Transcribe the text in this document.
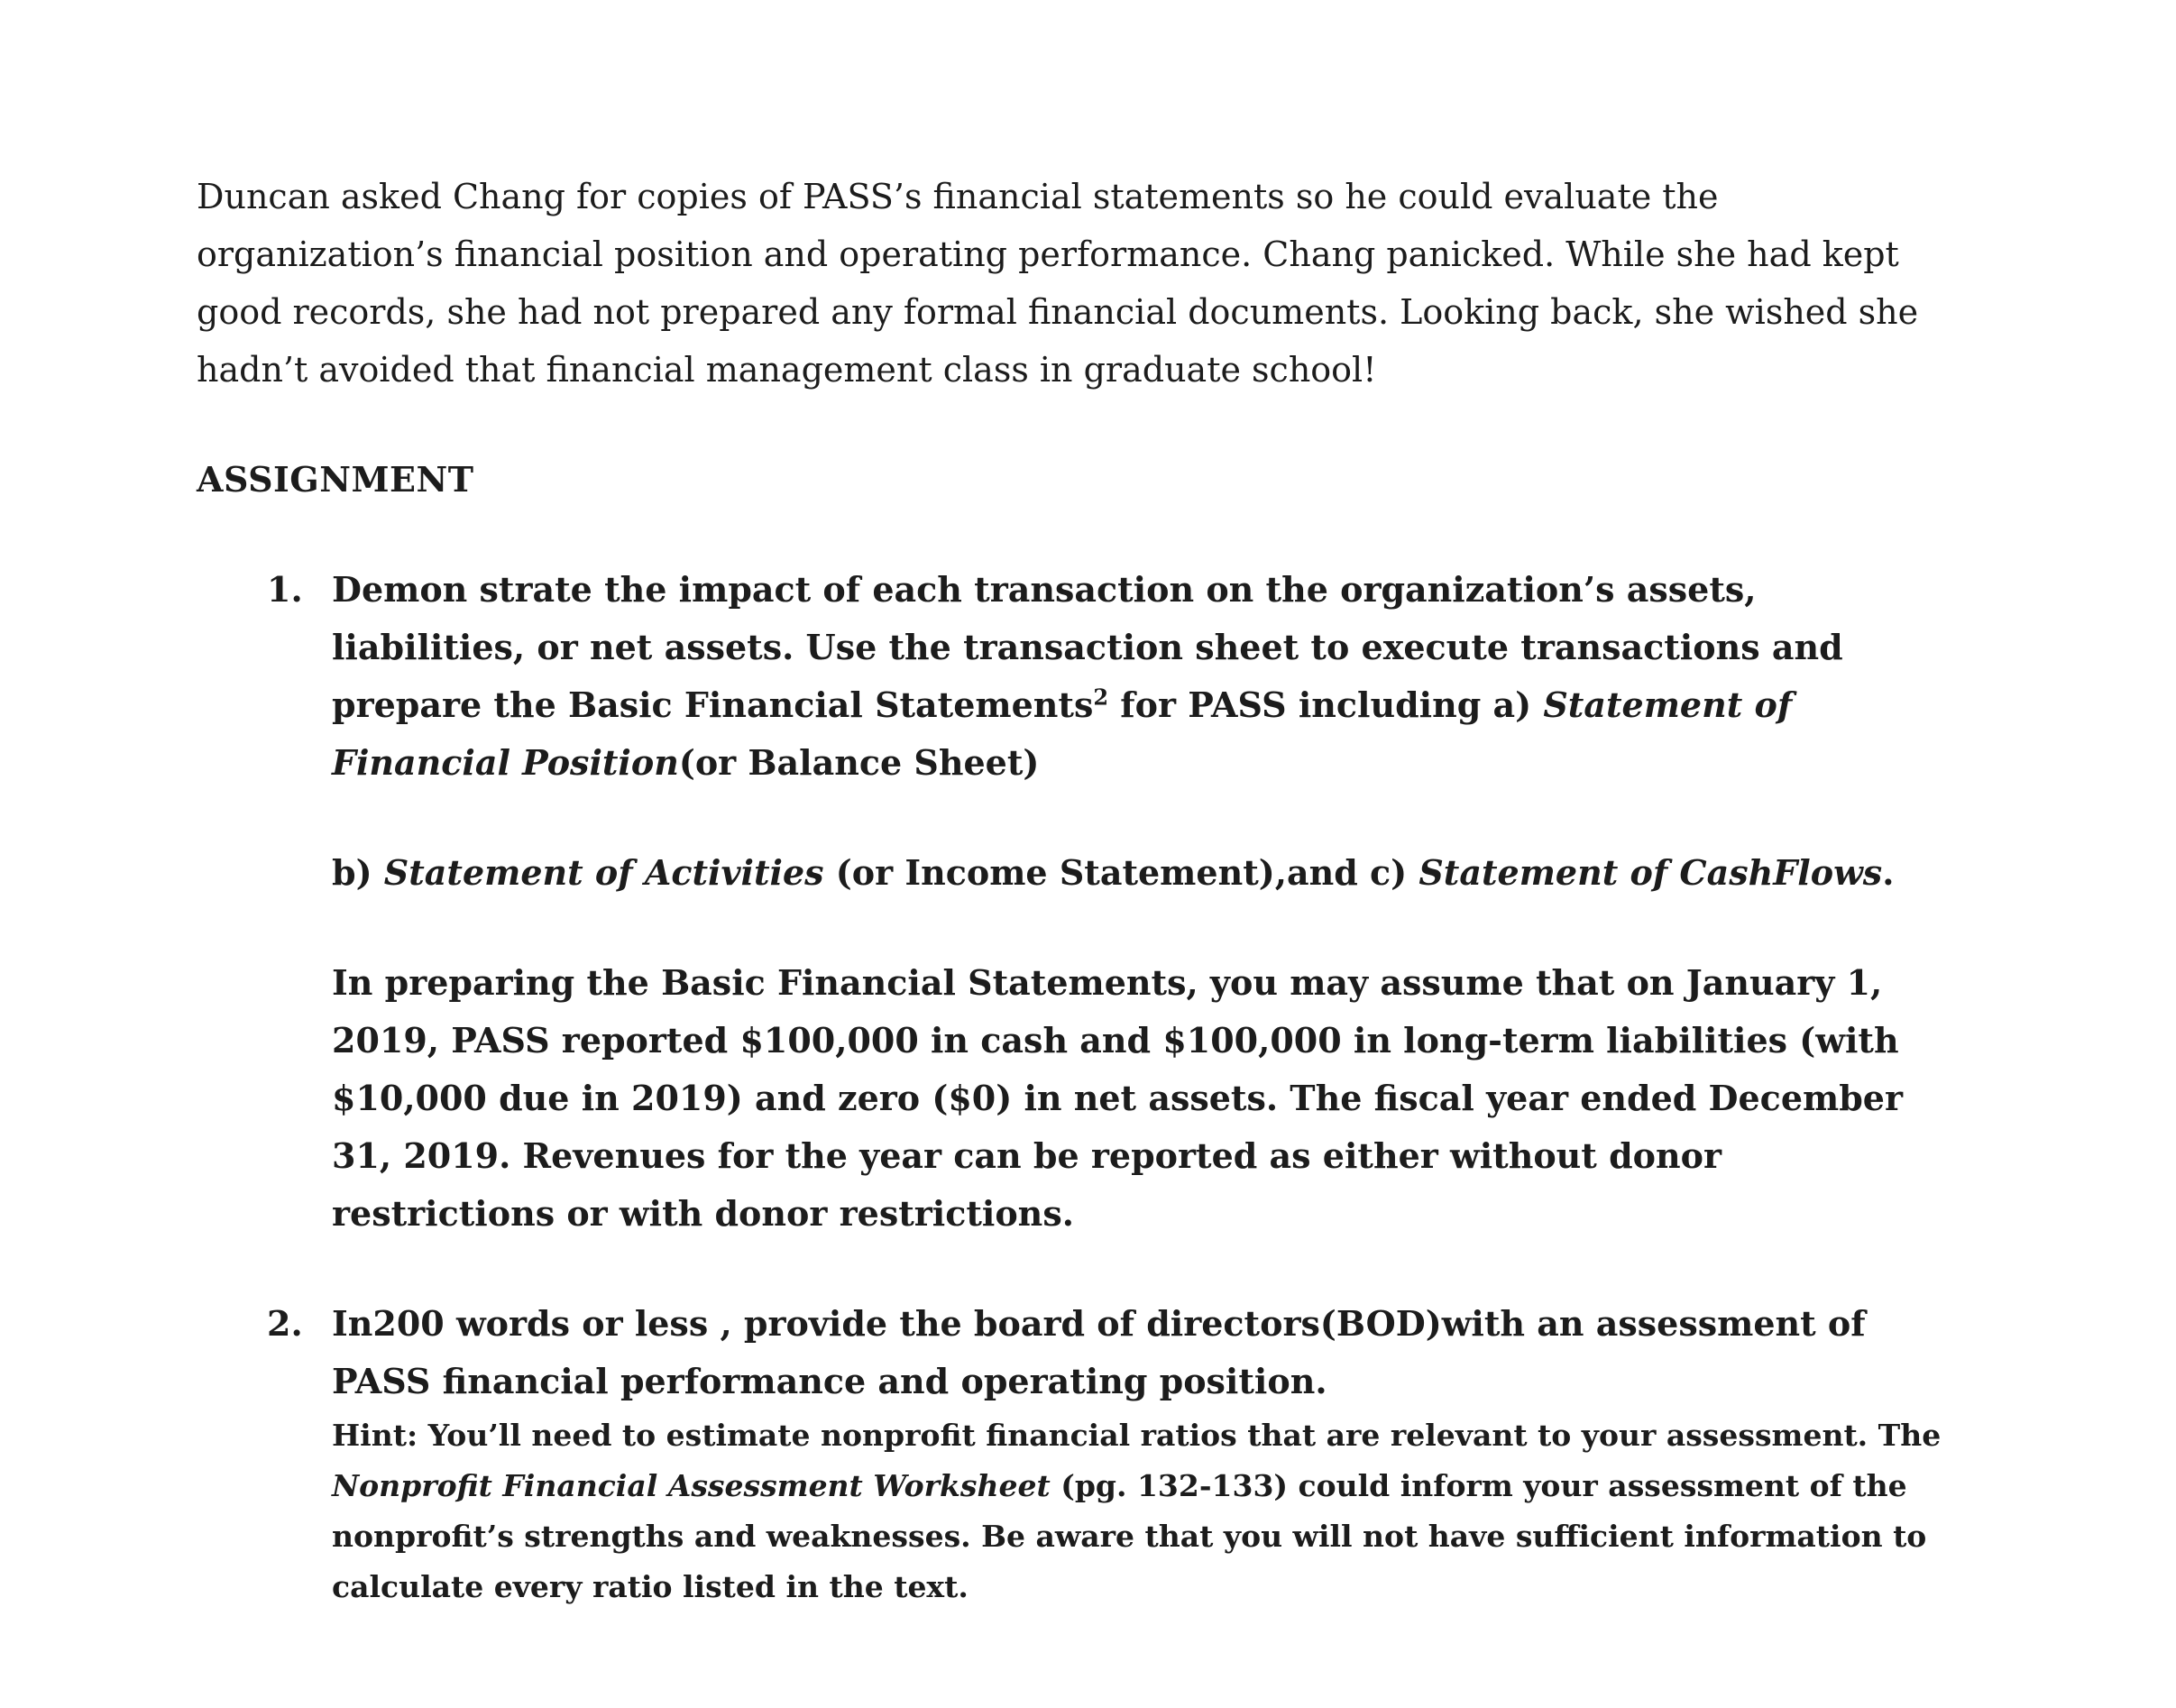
Duncan asked Chang for copies of PASS’s financial statements so he could evaluate the organization’s financial position and operating performance. Chang panicked. While she had kept good records, she had not prepared any formal financial documents. Looking back, she wished she hadn’t avoided that financial management class in graduate school!

ASSIGNMENT
1. Demon strate the impact of each transaction on the organization’s assets, liabilities, or net assets. Use the transaction sheet to execute transactions and prepare the Basic Financial Statements$^2$ for PASS including a) Statement of Financial Position(or Balance Sheet)

b) Statement of Activities (or Income Statement),and c) Statement of CashFlows.

In preparing the Basic Financial Statements, you may assume that on January 1, 2019, PASS reported $100,000 in cash and $100,000 in long-term liabilities (with $10,000 due in 2019) and zero ($0) in net assets. The fiscal year ended December 31, 2019. Revenues for the year can be reported as either without donor restrictions or with donor restrictions.

2. In200 words or less , provide the board of directors(BOD)with an assessment of PASS financial performance and operating position.

Hint: You’ll need to estimate nonprofit financial ratios that are relevant to your assessment. The Nonprofit Financial Assessment Worksheet (pg. 132-133) could inform your assessment of the nonprofit’s strengths and weaknesses. Be aware that you will not have sufficient information to calculate every ratio listed in the text.
